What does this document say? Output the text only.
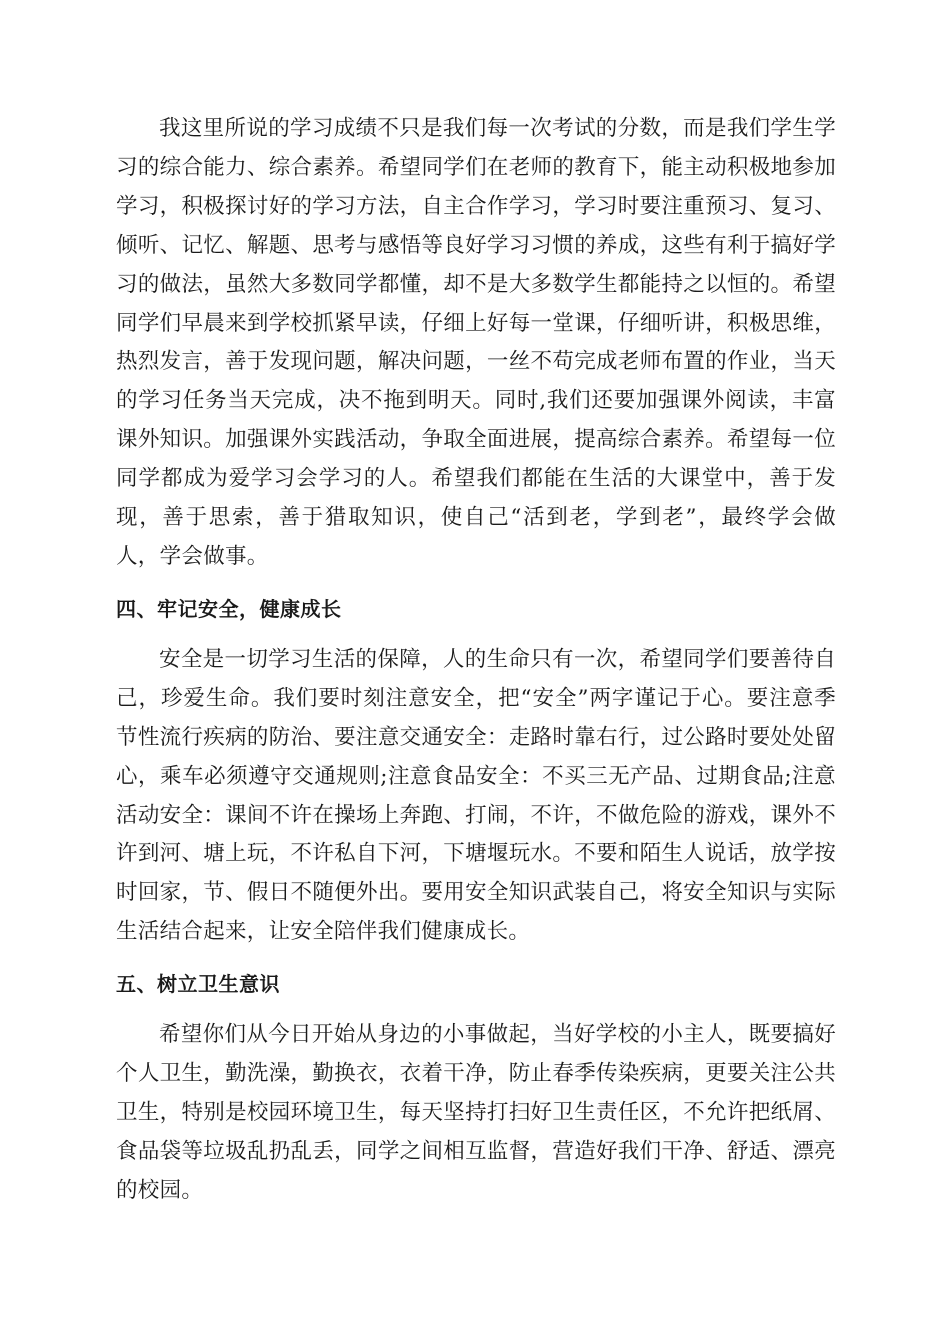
我这里所说的学习成绩不只是我们每一次考试的分数，而是我们学生学习的综合能力、综合素养。希望同学们在老师的教育下，能主动积极地参加学习，积极探讨好的学习方法，自主合作学习，学习时要注重预习、复习、倾听、记忆、解题、思考与感悟等良好学习习惯的养成，这些有利于搞好学习的做法，虽然大多数同学都懂，却不是大多数学生都能持之以恒的。希望同学们早晨来到学校抓紧早读，仔细上好每一堂课，仔细听讲，积极思维，热烈发言，善于发现问题，解决问题，一丝不苟完成老师布置的作业，当天的学习任务当天完成，决不拖到明天。同时,我们还要加强课外阅读，丰富课外知识。加强课外实践活动，争取全面进展，提高综合素养。希望每一位同学都成为爱学习会学习的人。希望我们都能在生活的大课堂中，善于发现，善于思索，善于猎取知识，使自己“活到老，学到老”，最终学会做人，学会做事。

四、牢记安全，健康成长

安全是一切学习生活的保障，人的生命只有一次，希望同学们要善待自己，珍爱生命。我们要时刻注意安全，把“安全”两字谨记于心。要注意季节性流行疾病的防治、要注意交通安全：走路时靠右行，过公路时要处处留心，乘车必须遵守交通规则;注意食品安全：不买三无产品、过期食品;注意活动安全：课间不许在操场上奔跑、打闹，不许，不做危险的游戏，课外不许到河、塘上玩，不许私自下河，下塘堰玩水。不要和陌生人说话，放学按时回家，节、假日不随便外出。要用安全知识武装自己，将安全知识与实际生活结合起来，让安全陪伴我们健康成长。

五、树立卫生意识

希望你们从今日开始从身边的小事做起，当好学校的小主人，既要搞好个人卫生，勤洗澡，勤换衣，衣着干净，防止春季传染疾病，更要关注公共卫生，特别是校园环境卫生，每天坚持打扫好卫生责任区，不允许把纸屑、食品袋等垃圾乱扔乱丢，同学之间相互监督，营造好我们干净、舒适、漂亮的校园。
